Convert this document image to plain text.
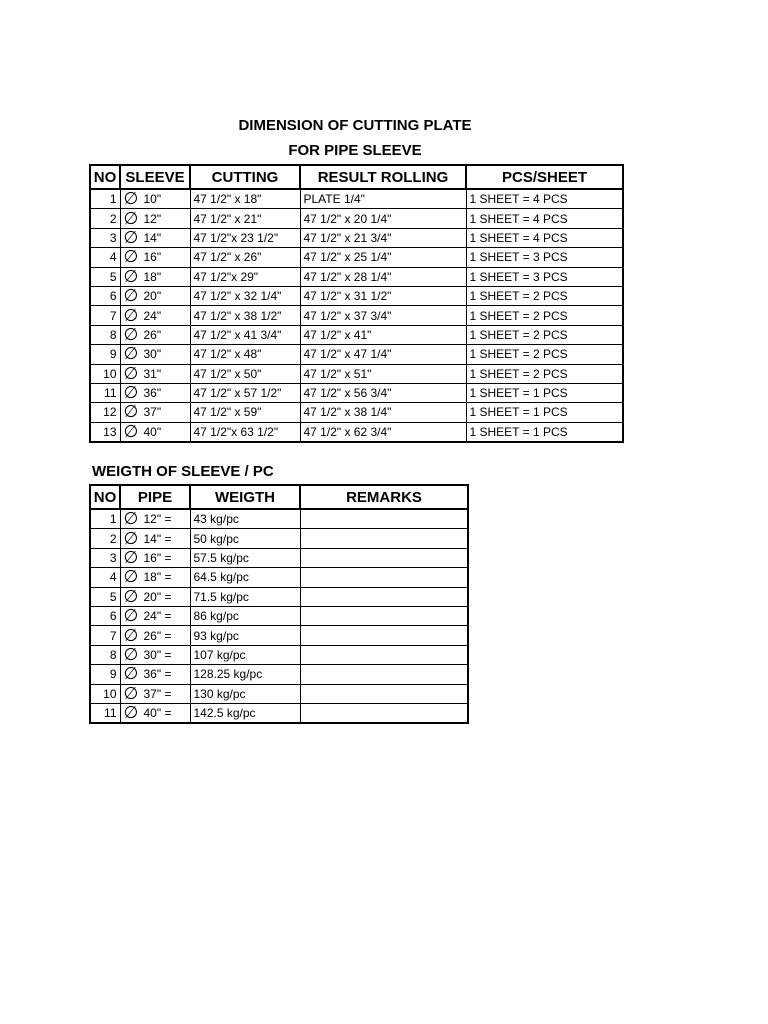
DIMENSION OF CUTTING PLATE
FOR PIPE SLEEVE
NO	SLEEVE	CUTTING	RESULT ROLLING	PCS/SHEET
1	∅ 10"	47 1/2" x 18"	PLATE 1/4"	1 SHEET = 4 PCS
2	∅ 12"	47 1/2" x 21"	47 1/2" x 20 1/4"	1 SHEET = 4 PCS
3	∅ 14"	47 1/2"x 23 1/2"	47 1/2" x 21 3/4"	1 SHEET = 4 PCS
4	∅ 16"	47 1/2" x 26"	47 1/2" x 25 1/4"	1 SHEET = 3 PCS
5	∅ 18"	47 1/2"x 29"	47 1/2" x 28 1/4"	1 SHEET = 3 PCS
6	∅ 20"	47 1/2" x 32 1/4"	47 1/2" x 31 1/2"	1 SHEET = 2 PCS
7	∅ 24"	47 1/2" x 38 1/2"	47 1/2" x 37 3/4"	1 SHEET = 2 PCS
8	∅ 26"	47 1/2" x 41 3/4"	47 1/2" x 41"	1 SHEET = 2 PCS
9	∅ 30"	47 1/2" x 48"	47 1/2" x 47 1/4"	1 SHEET = 2 PCS
10	∅ 31"	47 1/2" x 50"	47 1/2" x 51"	1 SHEET = 2 PCS
11	∅ 36"	47 1/2" x 57 1/2"	47 1/2" x 56 3/4"	1 SHEET = 1 PCS
12	∅ 37"	47 1/2" x 59"	47 1/2" x 38 1/4"	1 SHEET = 1 PCS
13	∅ 40"	47 1/2"x 63 1/2"	47 1/2" x 62 3/4"	1 SHEET = 1 PCS
WEIGTH OF SLEEVE / PC
NO	PIPE	WEIGTH	REMARKS
1	∅ 12" =	43 kg/pc	
2	∅ 14" =	50 kg/pc	
3	∅ 16" =	57.5 kg/pc	
4	∅ 18" =	64.5 kg/pc	
5	∅ 20" =	71.5 kg/pc	
6	∅ 24" =	86 kg/pc	
7	∅ 26" =	93 kg/pc	
8	∅ 30" =	107 kg/pc	
9	∅ 36" =	128.25 kg/pc	
10	∅ 37" =	130 kg/pc	
11	∅ 40" =	142.5 kg/pc	
